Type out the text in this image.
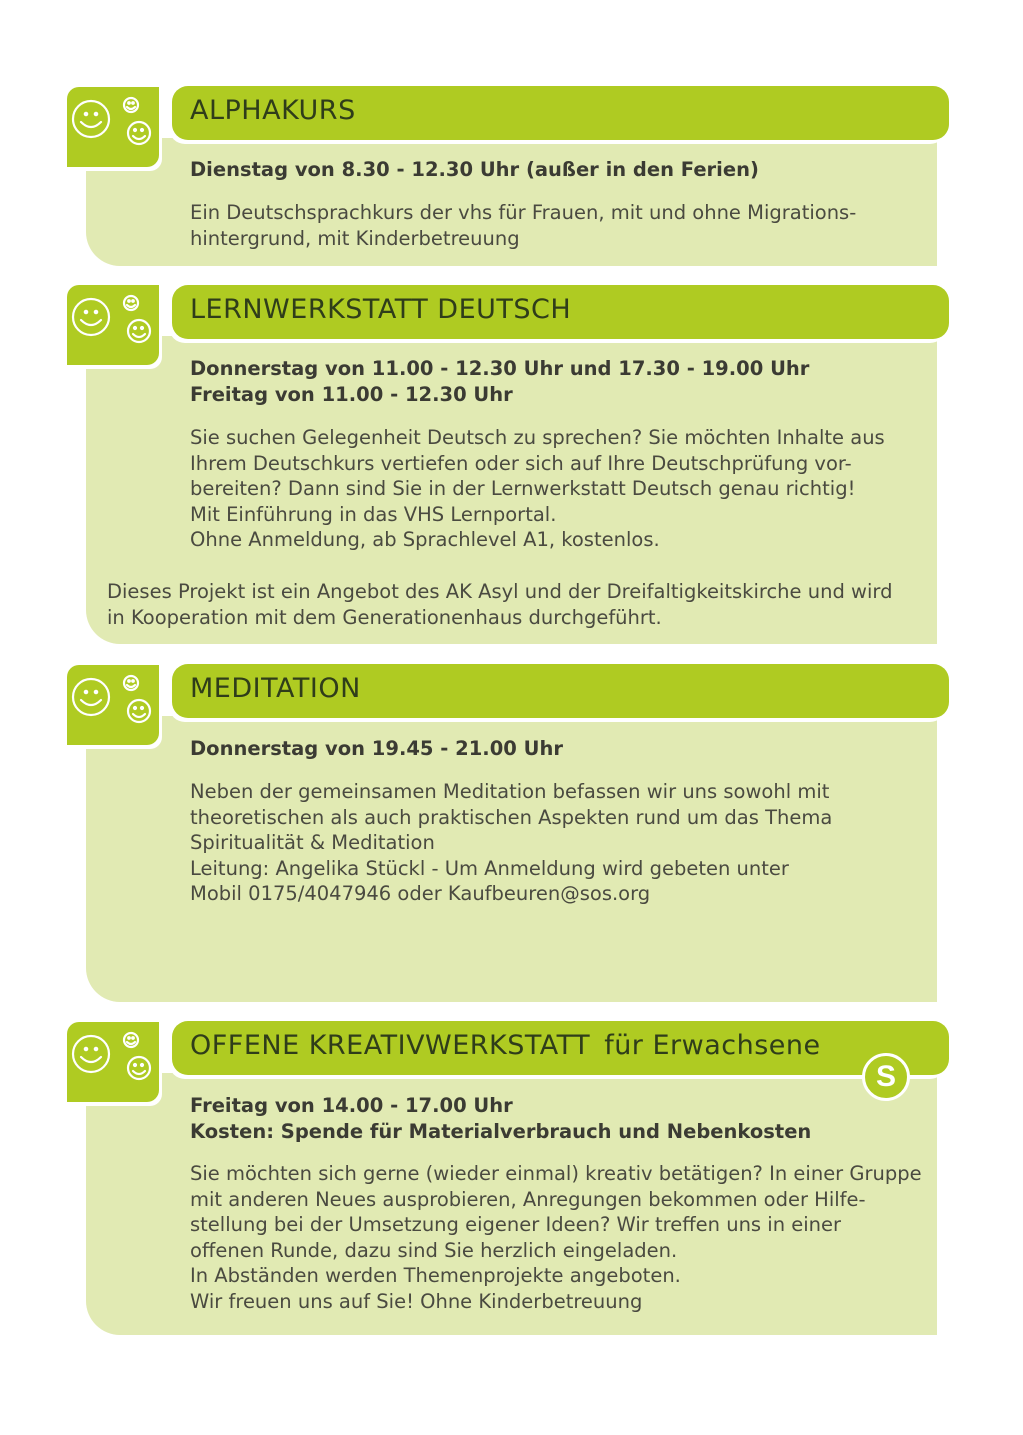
ALPHAKURS
Dienstag von 8.30 - 12.30 Uhr (außer in den Ferien)
Ein Deutschsprachkurs der vhs für Frauen, mit und ohne Migrations-
hintergrund, mit Kinderbetreuung
LERNWERKSTATT DEUTSCH
Donnerstag von 11.00 - 12.30 Uhr und 17.30 - 19.00 Uhr
Freitag von 11.00 - 12.30 Uhr
Sie suchen Gelegenheit Deutsch zu sprechen? Sie möchten Inhalte aus
Ihrem Deutschkurs vertiefen oder sich auf Ihre Deutschprüfung vor-
bereiten? Dann sind Sie in der Lernwerkstatt Deutsch genau richtig!
Mit Einführung in das VHS Lernportal.
Ohne Anmeldung, ab Sprachlevel A1, kostenlos.
Dieses Projekt ist ein Angebot des AK Asyl und der Dreifaltigkeitskirche und wird
in Kooperation mit dem Generationenhaus durchgeführt.
MEDITATION
Donnerstag von 19.45 - 21.00 Uhr
Neben der gemeinsamen Meditation befassen wir uns sowohl mit
theoretischen als auch praktischen Aspekten rund um das Thema
Spiritualität & Meditation
Leitung: Angelika Stückl - Um Anmeldung wird gebeten unter
Mobil 0175/4047946 oder Kaufbeuren@sos.org
OFFENE KREATIVWERKSTATT für Erwachsene
S
Freitag von 14.00 - 17.00 Uhr
Kosten: Spende für Materialverbrauch und Nebenkosten
Sie möchten sich gerne (wieder einmal) kreativ betätigen? In einer Gruppe
mit anderen Neues ausprobieren, Anregungen bekommen oder Hilfe-
stellung bei der Umsetzung eigener Ideen? Wir treffen uns in einer
offenen Runde, dazu sind Sie herzlich eingeladen.
In Abständen werden Themenprojekte angeboten.
Wir freuen uns auf Sie! Ohne Kinderbetreuung
